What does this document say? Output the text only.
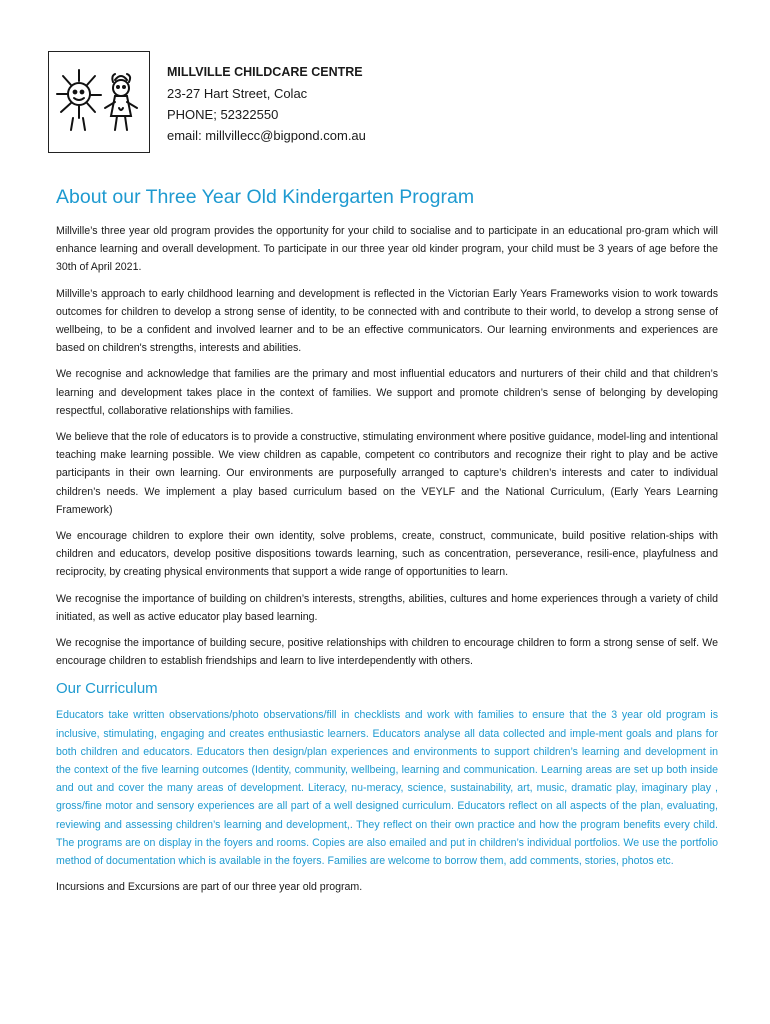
MILLVILLE CHILDCARE CENTRE
23-27 Hart Street, Colac
PHONE; 52322550
email: millvillecc@bigpond.com.au
About our Three Year Old Kindergarten Program

Millville’s three year old program provides the opportunity for your child to socialise and to participate in an educational pro-gram which will enhance learning and overall development. To participate in our three year old kinder program, your child must be 3 years of age before the 30th of April 2021.

Millville’s approach to early childhood learning and development is reflected in the Victorian Early Years Frameworks vision to work towards outcomes for children to develop a strong sense of identity, to be connected with and contribute to their world, to develop a strong sense of wellbeing, to be a confident and involved learner and to be an effective communicators. Our learning environments and experiences are based on children's strengths, interests and abilities.

We recognise and acknowledge that families are the primary and most influential educators and nurturers of their child and that children’s learning and development takes place in the context of families. We support and promote children’s sense of belonging by developing respectful, collaborative relationships with families.

We believe that the role of educators is to provide a constructive, stimulating environment where positive guidance, model-ling and intentional teaching make learning possible. We view children as capable, competent co contributors and recognize their right to play and be active participants in their own learning. Our environments are purposefully arranged to capture’s children’s interests and cater to individual children’s needs. We implement a play based curriculum based on the VEYLF and the National Curriculum, (Early Years Learning Framework)

We encourage children to explore their own identity, solve problems, create, construct, communicate, build positive relation-ships with children and educators, develop positive dispositions towards learning, such as concentration, perseverance, resili-ence, playfulness and reciprocity, by creating physical environments that support a wide range of opportunities to learn.

We recognise the importance of building on children’s interests, strengths, abilities, cultures and home experiences through a variety of child initiated, as well as active educator play based learning.

We recognise the importance of building secure, positive relationships with children to encourage children to form a strong sense of self. We encourage children to establish friendships and learn to live interdependently with others.

Our Curriculum

Educators take written observations/photo observations/fill in checklists and work with families to ensure that the 3 year old program is inclusive, stimulating, engaging and creates enthusiastic learners. Educators analyse all data collected and imple-ment goals and plans for both children and educators. Educators then design/plan experiences and environments to support children’s learning and development in the context of the five learning outcomes (Identity, community, wellbeing, learning and communication. Learning areas are set up both inside and out and cover the many areas of development. Literacy, nu-meracy, science, sustainability, art, music, dramatic play, imaginary play , gross/fine motor and sensory experiences are all part of a well designed curriculum. Educators reflect on all aspects of the plan, evaluating, reviewing and assessing children’s learning and development,. They reflect on their own practice and how the program benefits every child. The programs are on display in the foyers and rooms. Copies are also emailed and put in children’s individual portfolios. We use the portfolio method of documentation which is available in the foyers. Families are welcome to borrow them, add comments, stories, photos etc.

Incursions and Excursions are part of our three year old program.
